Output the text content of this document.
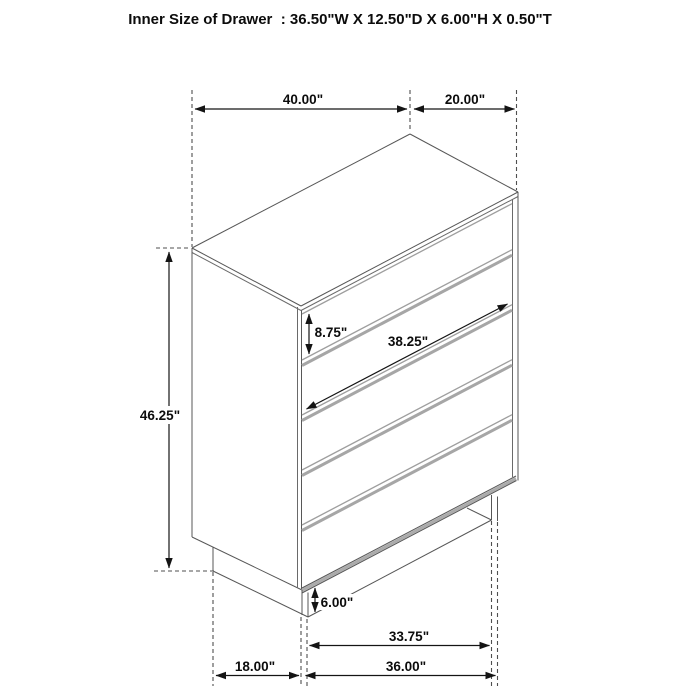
Inner Size of Drawer  : 36.50"W X 12.50"D X 6.00"H X 0.50"T
40.00"	20.00"
46.25"
8.75"
38.25"
6.00"
33.75"
18.00"	36.00"
